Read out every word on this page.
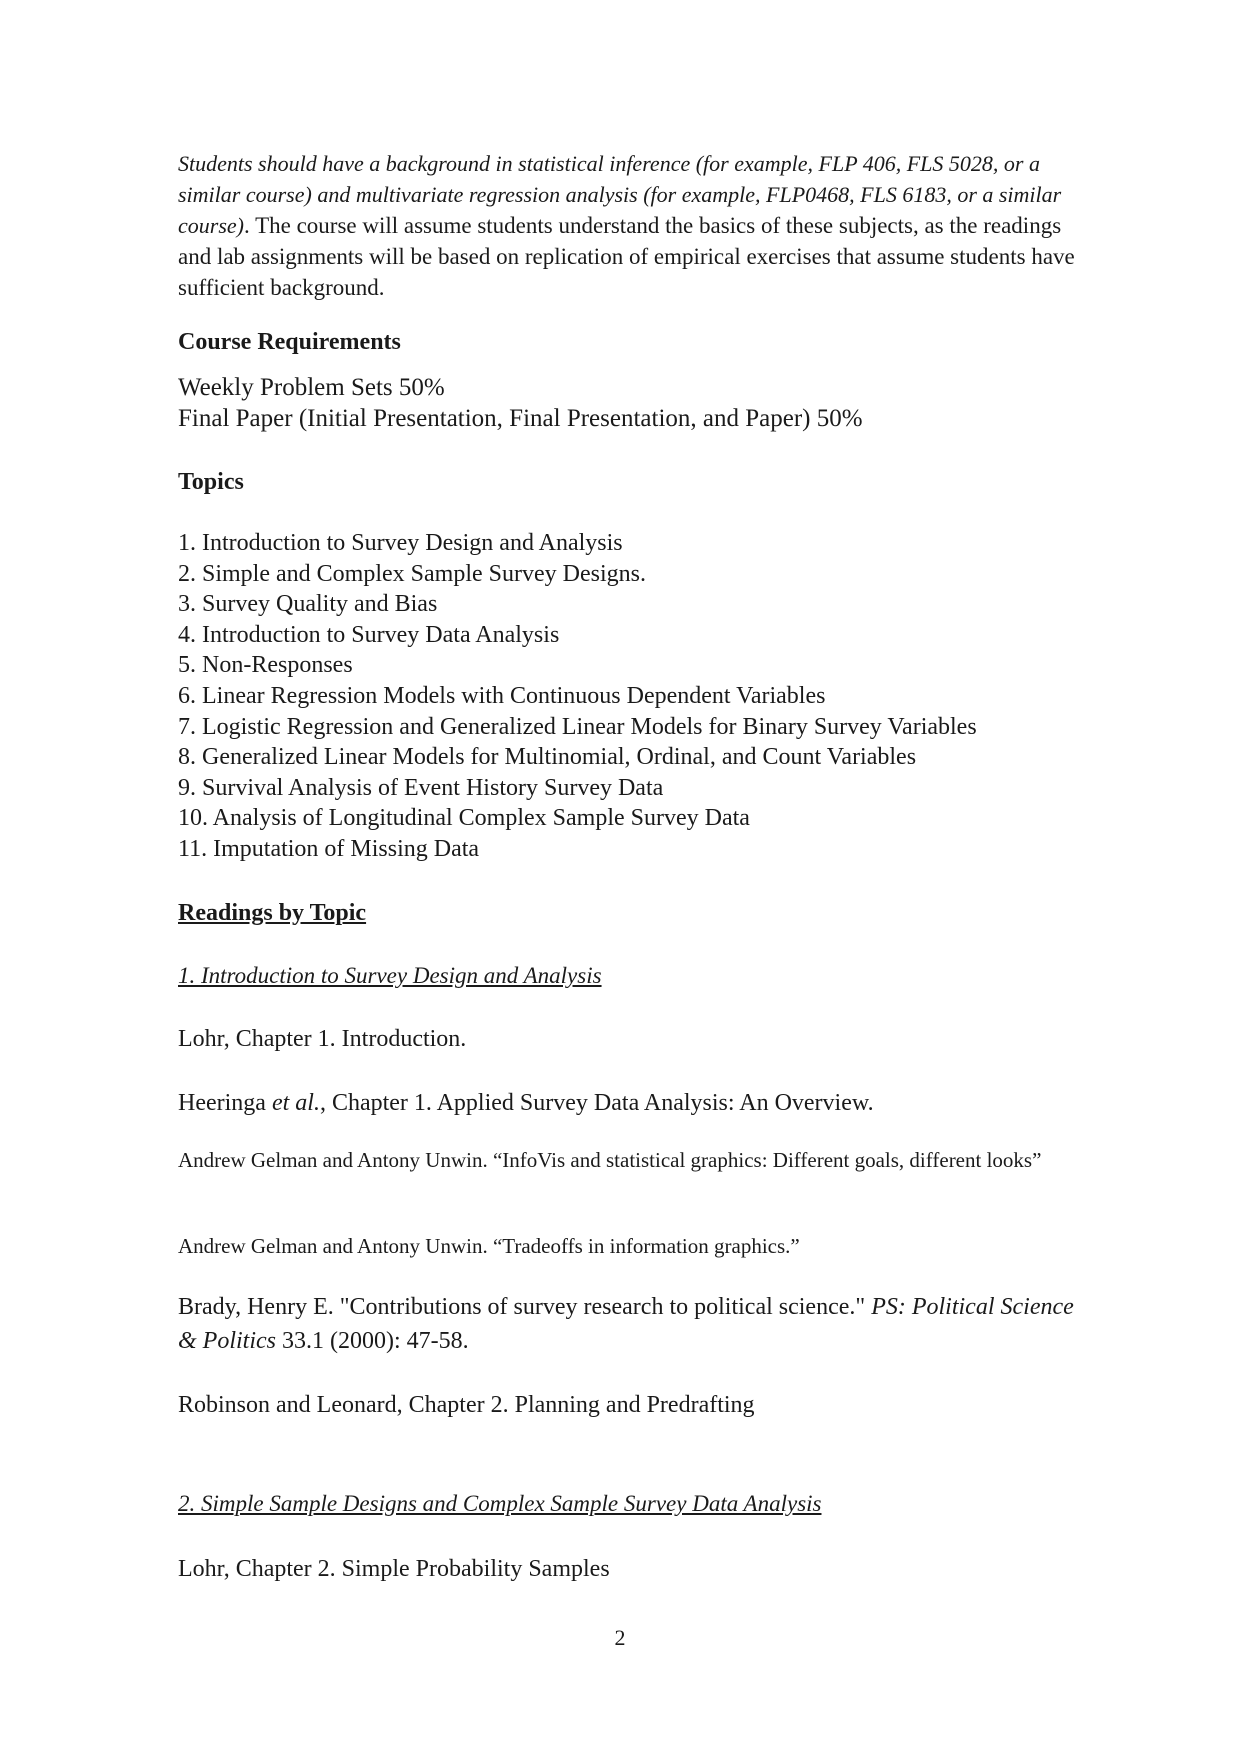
Students should have a background in statistical inference (for example, FLP 406, FLS 5028, or a similar course) and multivariate regression analysis (for example, FLP0468, FLS 6183, or a similar course). The course will assume students understand the basics of these subjects, as the readings and lab assignments will be based on replication of empirical exercises that assume students have sufficient background.
Course Requirements
Weekly Problem Sets 50%
Final Paper (Initial Presentation, Final Presentation, and Paper) 50%
Topics
1. Introduction to Survey Design and Analysis
2. Simple and Complex Sample Survey Designs.
3. Survey Quality and Bias
4. Introduction to Survey Data Analysis
5. Non-Responses
6. Linear Regression Models with Continuous Dependent Variables
7. Logistic Regression and Generalized Linear Models for Binary Survey Variables
8. Generalized Linear Models for Multinomial, Ordinal, and Count Variables
9. Survival Analysis of Event History Survey Data
10. Analysis of Longitudinal Complex Sample Survey Data
11. Imputation of Missing Data
Readings by Topic
1. Introduction to Survey Design and Analysis
Lohr, Chapter 1. Introduction.
Heeringa et al., Chapter 1. Applied Survey Data Analysis: An Overview.
Andrew Gelman and Antony Unwin. “InfoVis and statistical graphics: Different goals, different looks”
Andrew Gelman and Antony Unwin. “Tradeoffs in information graphics.”
Brady, Henry E. "Contributions of survey research to political science." PS: Political Science & Politics 33.1 (2000): 47-58.
Robinson and Leonard, Chapter 2. Planning and Predrafting
2. Simple Sample Designs and Complex Sample Survey Data Analysis
Lohr, Chapter 2. Simple Probability Samples
2
